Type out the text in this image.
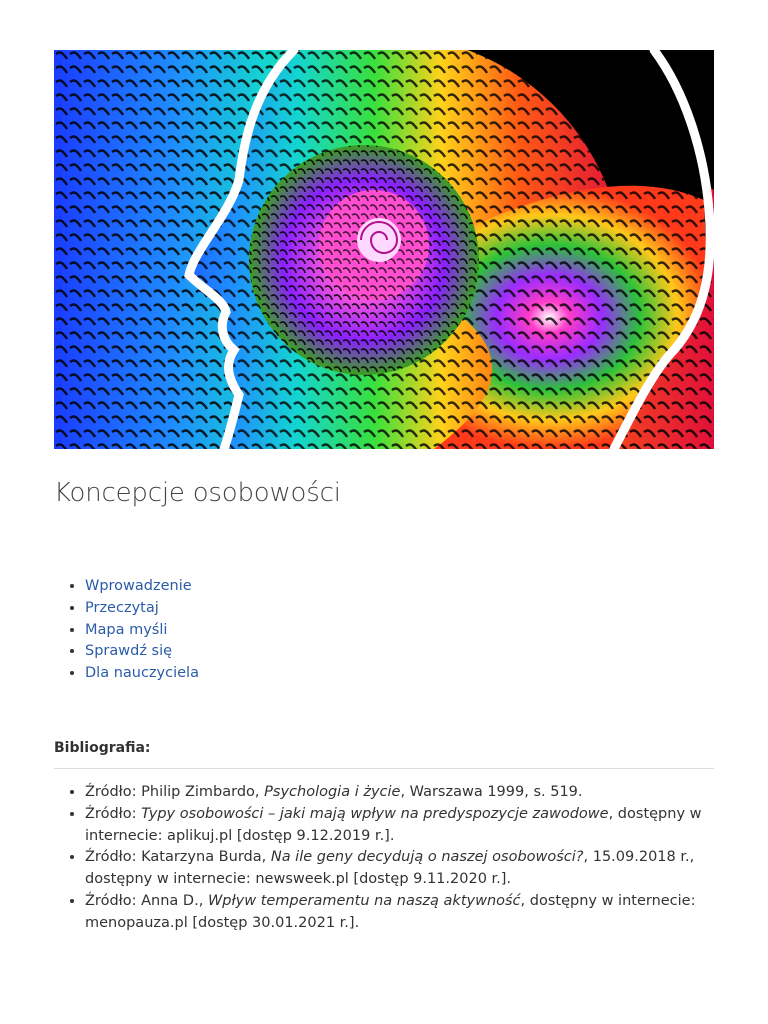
Koncepcje osobowości
• Wprowadzenie
• Przeczytaj
• Mapa myśli
• Sprawdź się
• Dla nauczyciela
Bibliografia:
• Źródło: Philip Zimbardo, Psychologia i życie, Warszawa 1999, s. 519.
• Źródło: Typy osobowości – jaki mają wpływ na predyspozycje zawodowe, dostępny w internecie: aplikuj.pl [dostęp 9.12.2019 r.].
• Źródło: Katarzyna Burda, Na ile geny decydują o naszej osobowości?, 15.09.2018 r., dostępny w internecie: newsweek.pl [dostęp 9.11.2020 r.].
• Źródło: Anna D., Wpływ temperamentu na naszą aktywność, dostępny w internecie: menopauza.pl [dostęp 30.01.2021 r.].
